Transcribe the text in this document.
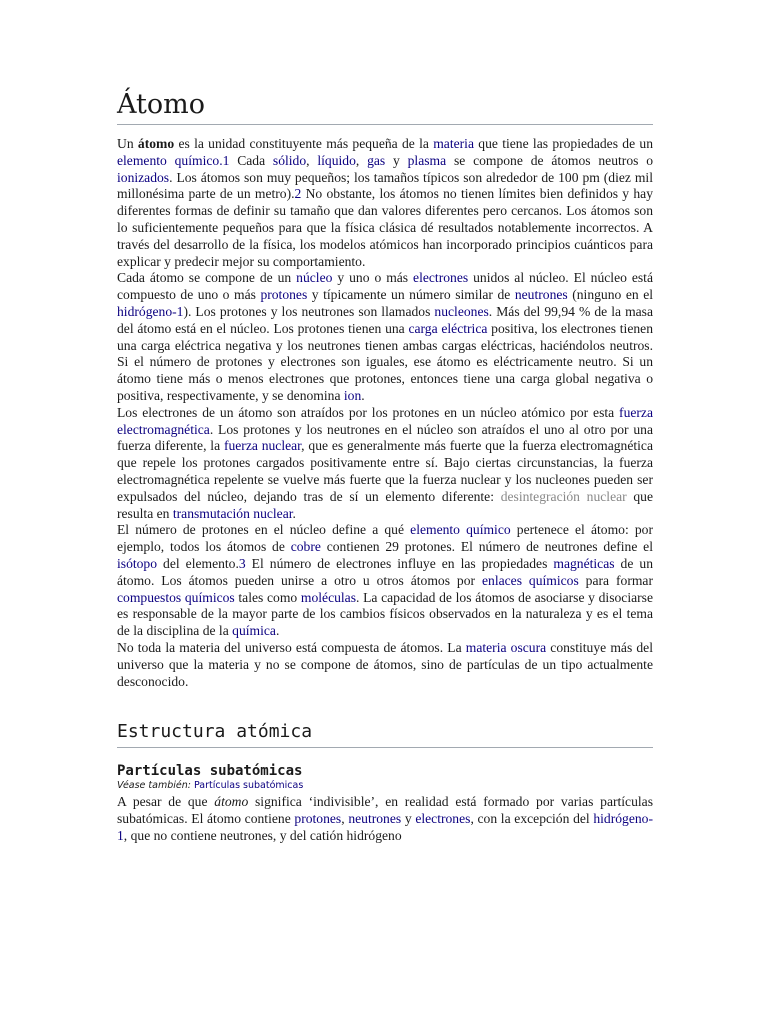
Átomo

Un átomo es la unidad constituyente más pequeña de la materia que tiene las propiedades de un elemento químico.1 Cada sólido, líquido, gas y plasma se compone de átomos neutros o ionizados. Los átomos son muy pequeños; los tamaños típicos son alrededor de 100 pm (diez mil millonésima parte de un metro).2 No obstante, los átomos no tienen límites bien definidos y hay diferentes formas de definir su tamaño que dan valores diferentes pero cercanos. Los átomos son lo suficientemente pequeños para que la física clásica dé resultados notablemente incorrectos. A través del desarrollo de la física, los modelos atómicos han incorporado principios cuánticos para explicar y predecir mejor su comportamiento.

Cada átomo se compone de un núcleo y uno o más electrones unidos al núcleo. El núcleo está compuesto de uno o más protones y típicamente un número similar de neutrones (ninguno en el hidrógeno-1). Los protones y los neutrones son llamados nucleones. Más del 99,94 % de la masa del átomo está en el núcleo. Los protones tienen una carga eléctrica positiva, los electrones tienen una carga eléctrica negativa y los neutrones tienen ambas cargas eléctricas, haciéndolos neutros. Si el número de protones y electrones son iguales, ese átomo es eléctricamente neutro. Si un átomo tiene más o menos electrones que protones, entonces tiene una carga global negativa o positiva, respectivamente, y se denomina ion.

Los electrones de un átomo son atraídos por los protones en un núcleo atómico por esta fuerza electromagnética. Los protones y los neutrones en el núcleo son atraídos el uno al otro por una fuerza diferente, la fuerza nuclear, que es generalmente más fuerte que la fuerza electromagnética que repele los protones cargados positivamente entre sí. Bajo ciertas circunstancias, la fuerza electromagnética repelente se vuelve más fuerte que la fuerza nuclear y los nucleones pueden ser expulsados del núcleo, dejando tras de sí un elemento diferente: desintegración nuclear que resulta en transmutación nuclear.

El número de protones en el núcleo define a qué elemento químico pertenece el átomo: por ejemplo, todos los átomos de cobre contienen 29 protones. El número de neutrones define el isótopo del elemento.3 El número de electrones influye en las propiedades magnéticas de un átomo. Los átomos pueden unirse a otro u otros átomos por enlaces químicos para formar compuestos químicos tales como moléculas. La capacidad de los átomos de asociarse y disociarse es responsable de la mayor parte de los cambios físicos observados en la naturaleza y es el tema de la disciplina de la química.

No toda la materia del universo está compuesta de átomos. La materia oscura constituye más del universo que la materia y no se compone de átomos, sino de partículas de un tipo actualmente desconocido.

Estructura atómica
Partículas subatómicas
Véase también: Partículas subatómicas

A pesar de que átomo significa ‘indivisible’, en realidad está formado por varias partículas subatómicas. El átomo contiene protones, neutrones y electrones, con la excepción del hidrógeno-1, que no contiene neutrones, y del catión hidrógeno
